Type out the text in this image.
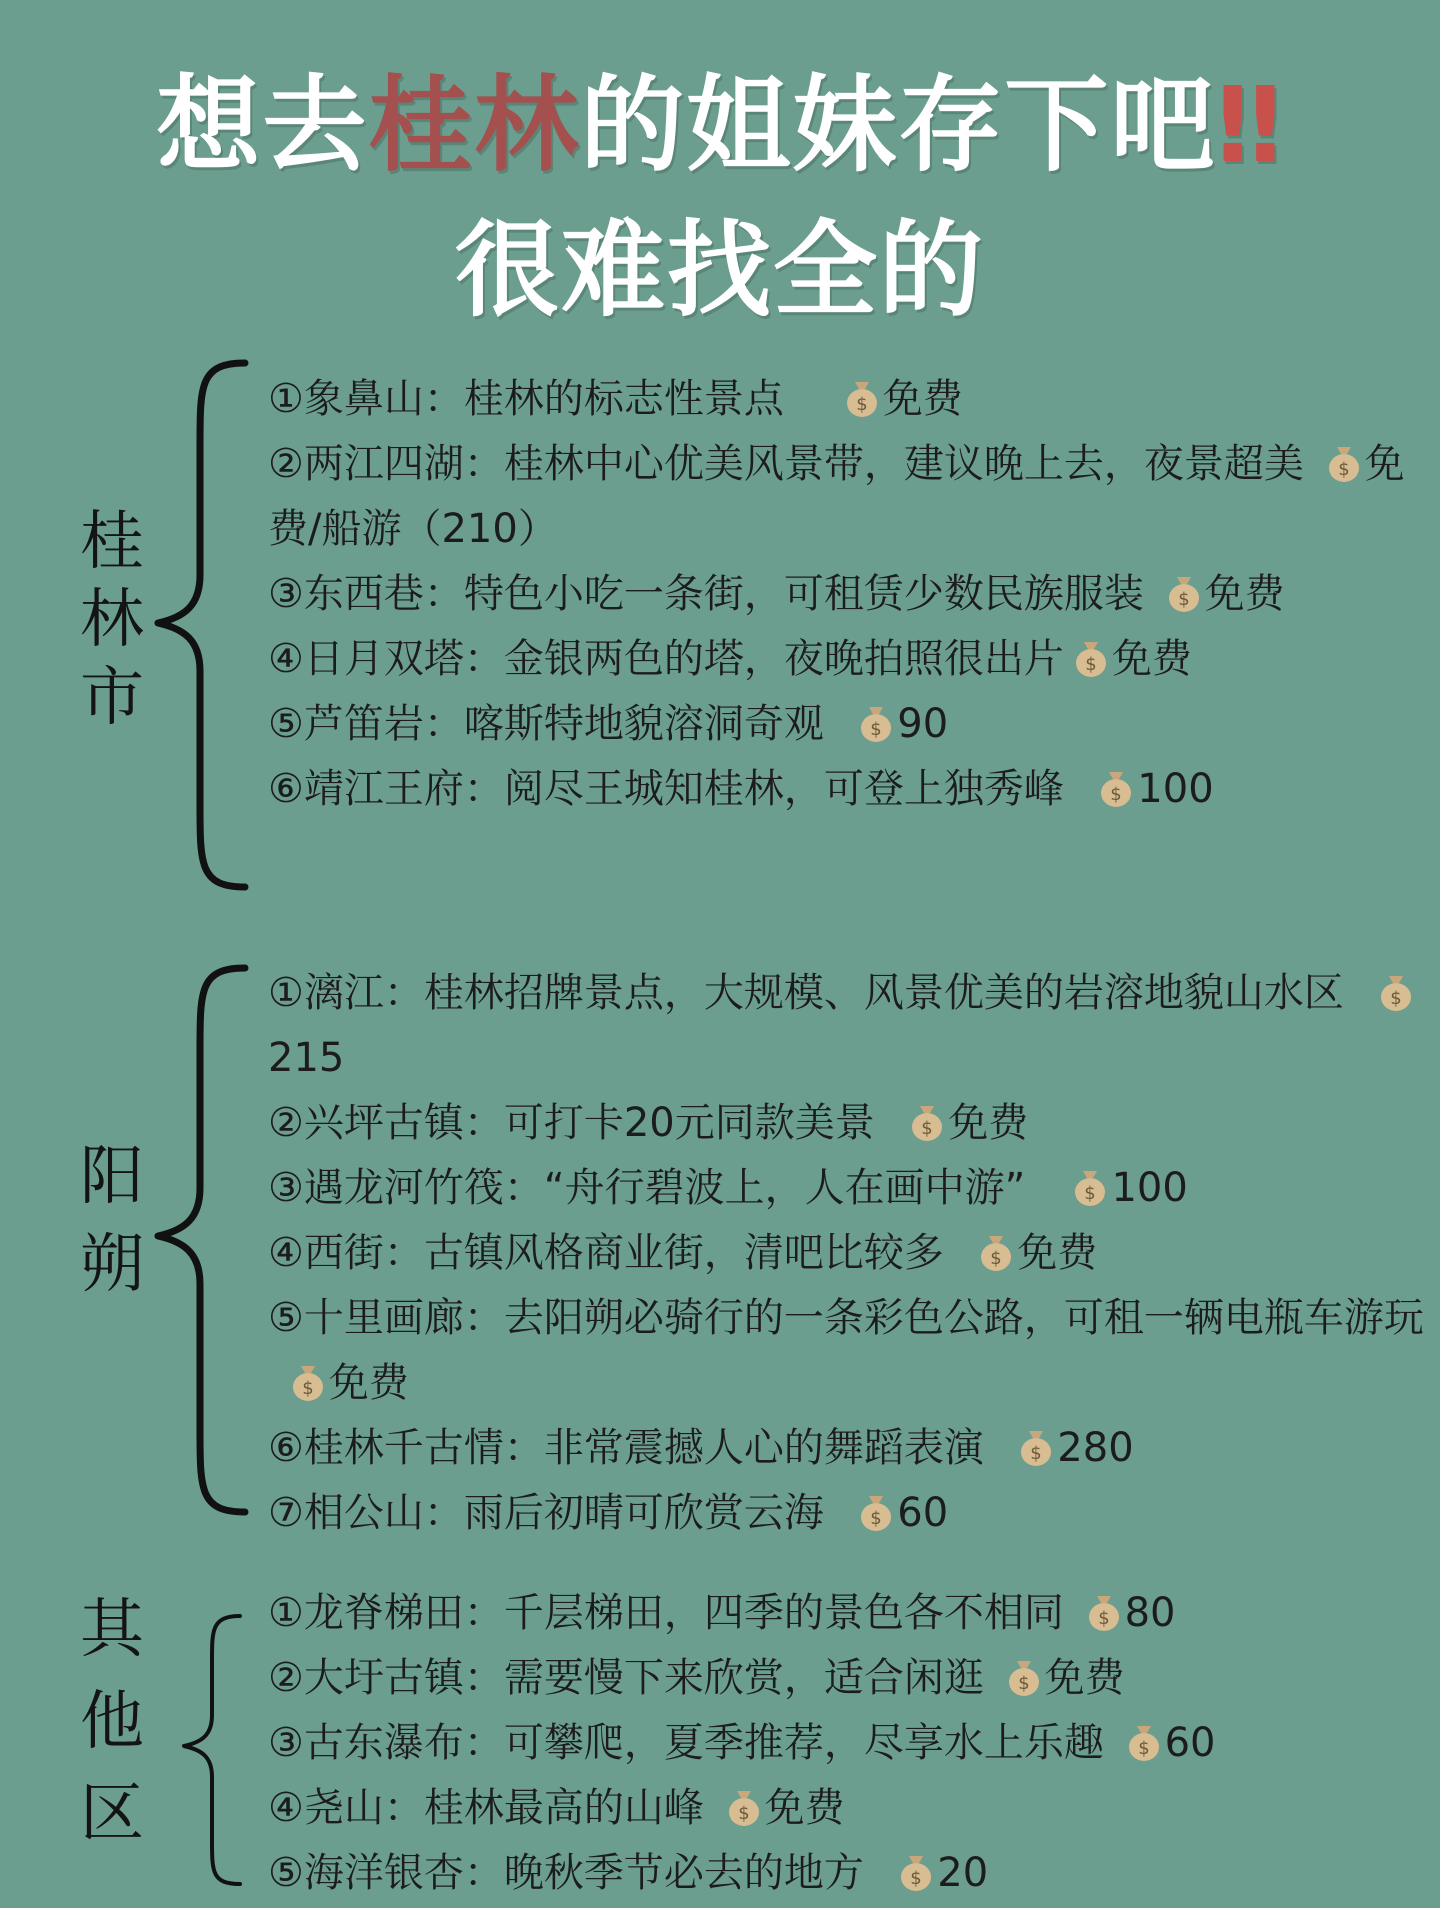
想去桂林的姐妹存下吧‼
很难找全的
桂
林
市
①象鼻山：桂林的标志性景点	$ 免费
②两江四湖：桂林中心优美风景带，建议晚上去，夜景超美 $ 免费/船游（210）
③东西巷：特色小吃一条街，可租赁少数民族服装 $ 免费
④日月双塔：金银两色的塔，夜晚拍照很出片 $ 免费
⑤芦笛岩：喀斯特地貌溶洞奇观	$ 90
⑥靖江王府：阅尽王城知桂林，可登上独秀峰	$ 100
阳
朔
①漓江：桂林招牌景点，大规模、风景优美的岩溶地貌山水区	$
215
②兴坪古镇：可打卡20元同款美景	$ 免费
③遇龙河竹筏：“舟行碧波上，人在画中游”	$ 100
④西街：古镇风格商业街，清吧比较多	$ 免费
⑤十里画廊：去阳朔必骑行的一条彩色公路，可租一辆电瓶车游玩
$ 免费
⑥桂林千古情：非常震撼人心的舞蹈表演	$ 280
⑦相公山：雨后初晴可欣赏云海	$ 60
其
他
区
①龙脊梯田：千层梯田，四季的景色各不相同 $ 80
②大圩古镇：需要慢下来欣赏，适合闲逛 $ 免费
③古东瀑布：可攀爬，夏季推荐，尽享水上乐趣 $ 60
④尧山：桂林最高的山峰 $ 免费
⑤海洋银杏：晚秋季节必去的地方	$ 20
